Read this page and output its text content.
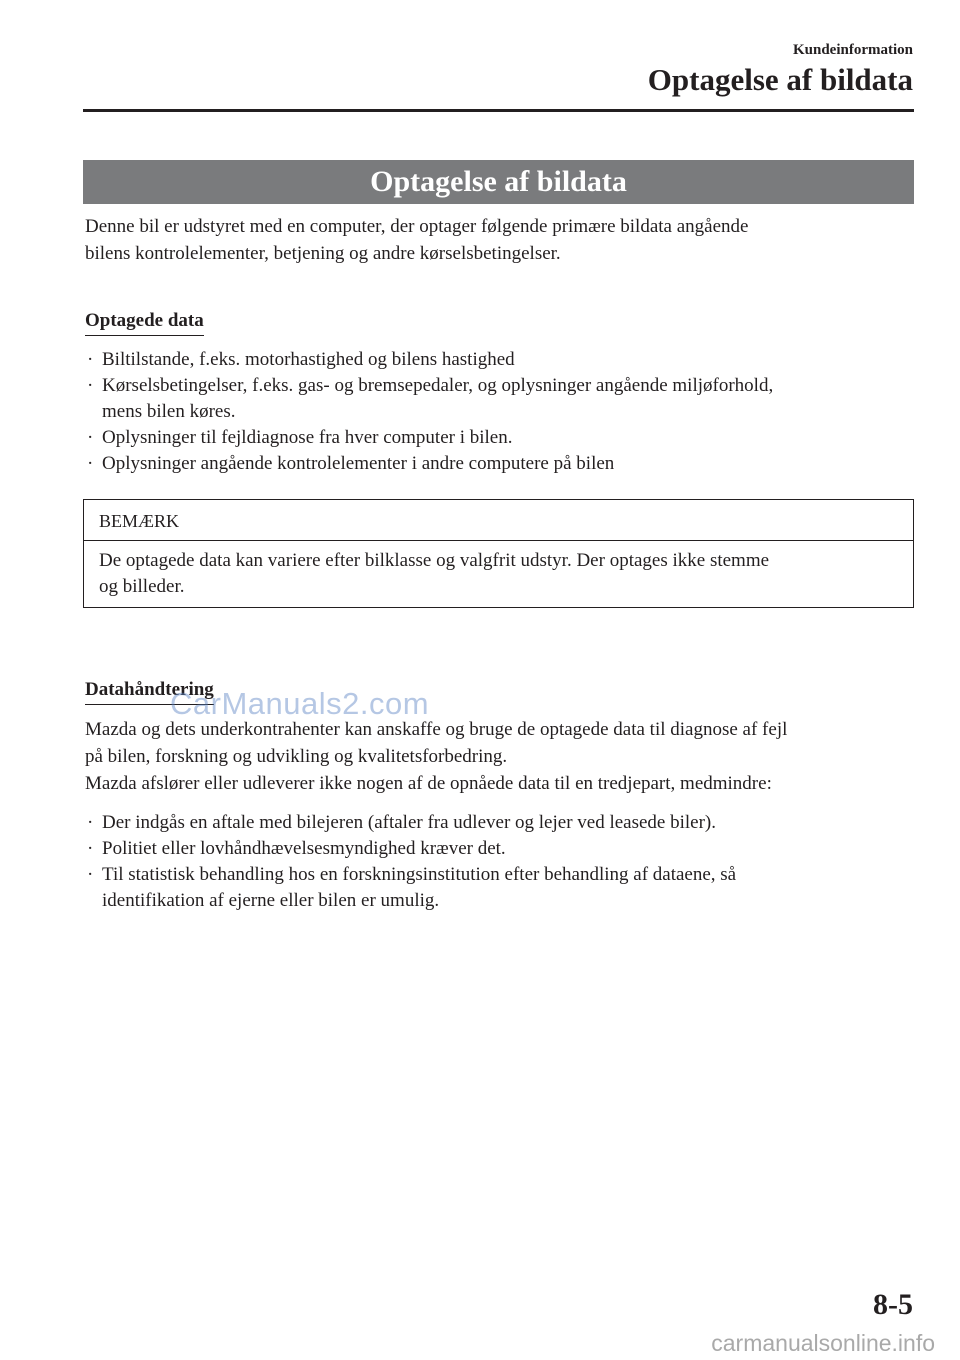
Kundeinformation
Optagelse af bildata
Optagelse af bildata
Denne bil er udstyret med en computer, der optager følgende primære bildata angående
bilens kontrolelementer, betjening og andre kørselsbetingelser.
Optagede data
· Biltilstande, f.eks. motorhastighed og bilens hastighed
· Kørselsbetingelser, f.eks. gas- og bremsepedaler, og oplysninger angående miljøforhold,
mens bilen køres.
· Oplysninger til fejldiagnose fra hver computer i bilen.
· Oplysninger angående kontrolelementer i andre computere på bilen
BEMÆRK
De optagede data kan variere efter bilklasse og valgfrit udstyr. Der optages ikke stemme
og billeder.
Datahåndtering
Mazda og dets underkontrahenter kan anskaffe og bruge de optagede data til diagnose af fejl
på bilen, forskning og udvikling og kvalitetsforbedring.
Mazda afslører eller udleverer ikke nogen af de opnåede data til en tredjepart, medmindre:
· Der indgås en aftale med bilejeren (aftaler fra udlever og lejer ved leasede biler).
· Politiet eller lovhåndhævelsesmyndighed kræver det.
· Til statistisk behandling hos en forskningsinstitution efter behandling af dataene, så
identifikation af ejerne eller bilen er umulig.
CarManuals2.com
8-5
carmanualsonline.info
